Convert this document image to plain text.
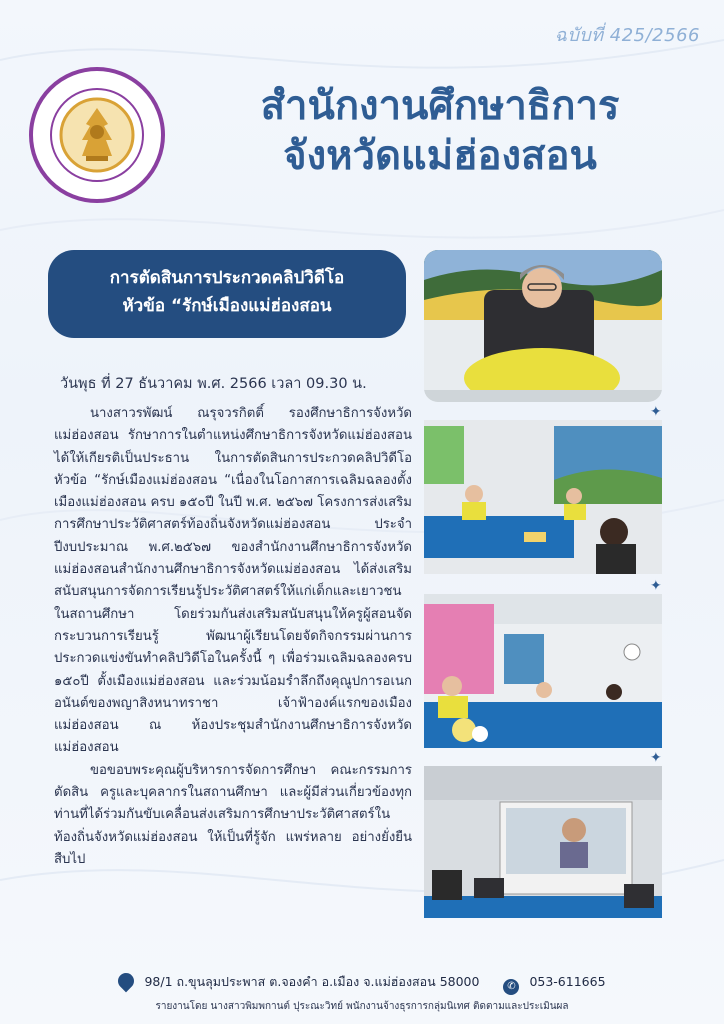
ฉบับที่ 425/2566
สำนักงานศึกษาธิการ
จังหวัดแม่ฮ่องสอน
การตัดสินการประกวดคลิปวิดีโอ
หัวข้อ “รักษ์เมืองแม่ฮ่องสอน
วันพุธ ที่ 27 ธันวาคม พ.ศ. 2566 เวลา 09.30 น.

นางสาวรพัฒน์ ณรุจวรกิตติ์ รองศึกษาธิการจังหวัดแม่ฮ่องสอน รักษาการในตำแหน่งศึกษาธิการจังหวัดแม่ฮ่องสอน ได้ให้เกียรติเป็นประธาน ในการตัดสินการประกวดคลิปวิดีโอ หัวข้อ “รักษ์เมืองแม่ฮ่องสอน “เนื่องในโอกาสการเฉลิมฉลองตั้งเมืองแม่ฮ่องสอน ครบ ๑๕๐ปี ในปี พ.ศ. ๒๕๖๗ โครงการส่งเสริมการศึกษาประวัติศาสตร์ท้องถิ่นจังหวัดแม่ฮ่องสอน ประจำปีงบประมาณ พ.ศ.๒๕๖๗ ของสำนักงานศึกษาธิการจังหวัดแม่ฮ่องสอนสำนักงานศึกษาธิการจังหวัดแม่ฮ่องสอน ได้ส่งเสริม สนับสนุนการจัดการเรียนรู้ประวัติศาสตร์ให้แก่เด็กและเยาวชนในสถานศึกษา โดยร่วมกันส่งเสริมสนับสนุนให้ครูผู้สอนจัดกระบวนการเรียนรู้ พัฒนาผู้เรียนโดยจัดกิจกรรมผ่านการประกวดแข่งขันทำคลิปวิดีโอในครั้งนี้ ๆ เพื่อร่วมเฉลิมฉลองครบ ๑๕๐ปี ตั้งเมืองแม่ฮ่องสอน และร่วมน้อมรำลึกถึงคุณูปการอเนกอนันต์ของพญาสิงหนาทราชา เจ้าฟ้าองค์แรกของเมืองแม่ฮ่องสอน ณ ห้องประชุมสำนักงานศึกษาธิการจังหวัดแม่ฮ่องสอน

ขอขอบพระคุณผู้บริหารการจัดการศึกษา คณะกรรมการตัดสิน ครูและบุคลากรในสถานศึกษา และผู้มีส่วนเกี่ยวข้องทุกท่านที่ได้ร่วมกันขับเคลื่อนส่งเสริมการศึกษาประวัติศาสตร์ในท้องถิ่นจังหวัดแม่ฮ่องสอน ให้เป็นที่รู้จัก แพร่หลาย อย่างยั่งยืนสืบไป

✦
✦
✦
98/1 ถ.ขุนลุมประพาส ต.จองคำ อ.เมือง จ.แม่ฮ่องสอน 58000	✆ 053-611665
รายงานโดย นางสาวพิมพกานต์ ปุระณะวิทย์ พนักงานจ้างธุรการกลุ่มนิเทศ ติดตามและประเมินผล
